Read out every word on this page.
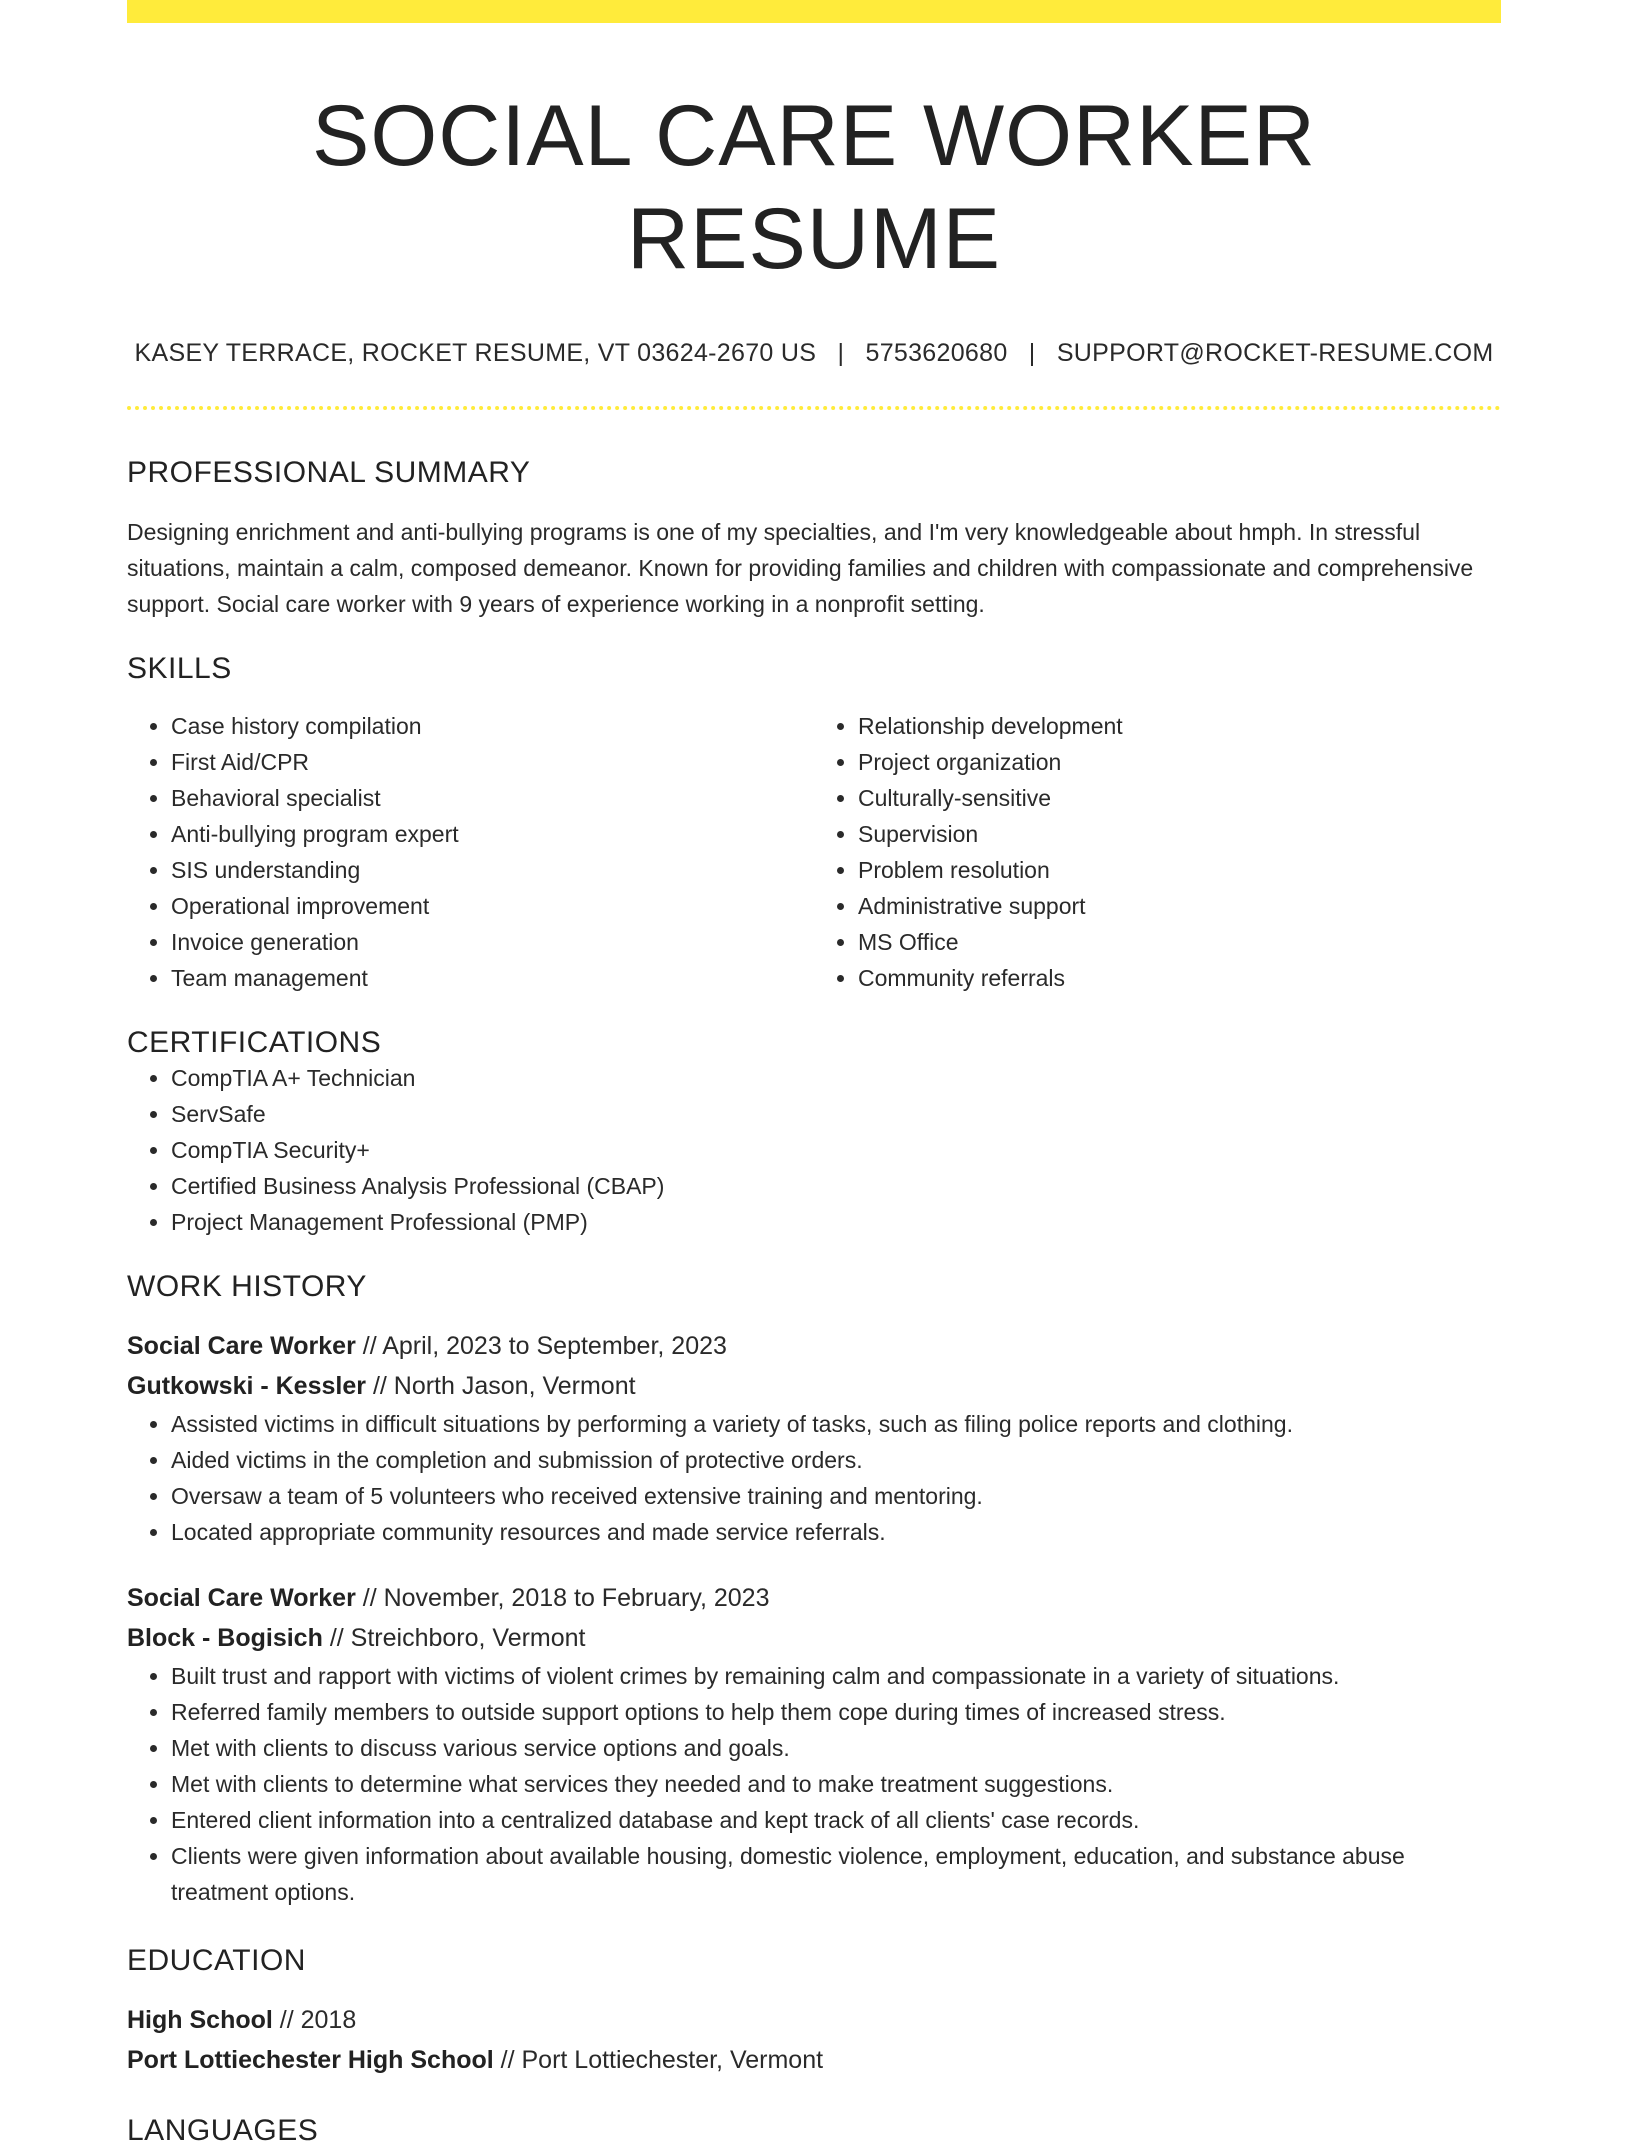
SOCIAL CARE WORKER RESUME
KASEY TERRACE, ROCKET RESUME, VT 03624-2670 US | 5753620680 | SUPPORT@ROCKET-RESUME.COM
PROFESSIONAL SUMMARY

Designing enrichment and anti-bullying programs is one of my specialties, and I'm very knowledgeable about hmph. In stressful situations, maintain a calm, composed demeanor. Known for providing families and children with compassionate and comprehensive support. Social care worker with 9 years of experience working in a nonprofit setting.

SKILLS
• Case history compilation
• First Aid/CPR
• Behavioral specialist
• Anti-bullying program expert
• SIS understanding
• Operational improvement
• Invoice generation
• Team management
• Relationship development
• Project organization
• Culturally-sensitive
• Supervision
• Problem resolution
• Administrative support
• MS Office
• Community referrals
CERTIFICATIONS
• CompTIA A+ Technician
• ServSafe
• CompTIA Security+
• Certified Business Analysis Professional (CBAP)
• Project Management Professional (PMP)
WORK HISTORY
Social Care Worker // April, 2023 to September, 2023
Gutkowski - Kessler // North Jason, Vermont
• Assisted victims in difficult situations by performing a variety of tasks, such as filing police reports and clothing.
• Aided victims in the completion and submission of protective orders.
• Oversaw a team of 5 volunteers who received extensive training and mentoring.
• Located appropriate community resources and made service referrals.
Social Care Worker // November, 2018 to February, 2023
Block - Bogisich // Streichboro, Vermont
• Built trust and rapport with victims of violent crimes by remaining calm and compassionate in a variety of situations.
• Referred family members to outside support options to help them cope during times of increased stress.
• Met with clients to discuss various service options and goals.
• Met with clients to determine what services they needed and to make treatment suggestions.
• Entered client information into a centralized database and kept track of all clients' case records.
• Clients were given information about available housing, domestic violence, employment, education, and substance abuse treatment options.
EDUCATION
High School // 2018
Port Lottiechester High School // Port Lottiechester, Vermont
LANGUAGES
